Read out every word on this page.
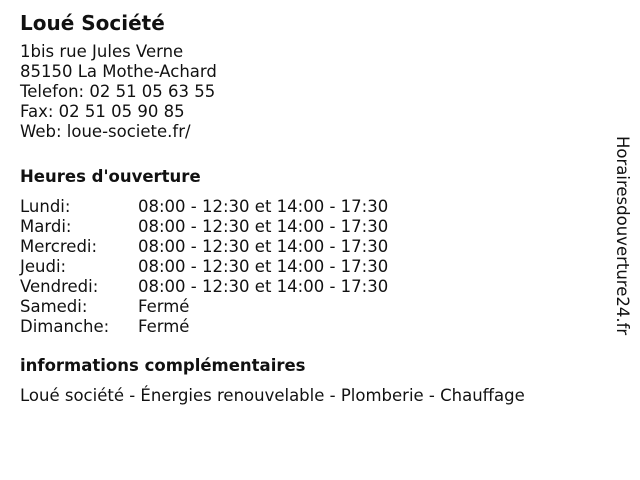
Loué Société
1bis rue Jules Verne
85150 La Mothe-Achard
Telefon: 02 51 05 63 55
Fax: 02 51 05 90 85
Web: loue-societe.fr/
Heures d'ouverture
Lundi:	08:00 - 12:30 et 14:00 - 17:30
Mardi:	08:00 - 12:30 et 14:00 - 17:30
Mercredi:	08:00 - 12:30 et 14:00 - 17:30
Jeudi:	08:00 - 12:30 et 14:00 - 17:30
Vendredi:	08:00 - 12:30 et 14:00 - 17:30
Samedi:	Fermé
Dimanche:	Fermé
informations complémentaires
Loué société - Énergies renouvelable - Plomberie - Chauffage
Horairesdouverture24.fr
